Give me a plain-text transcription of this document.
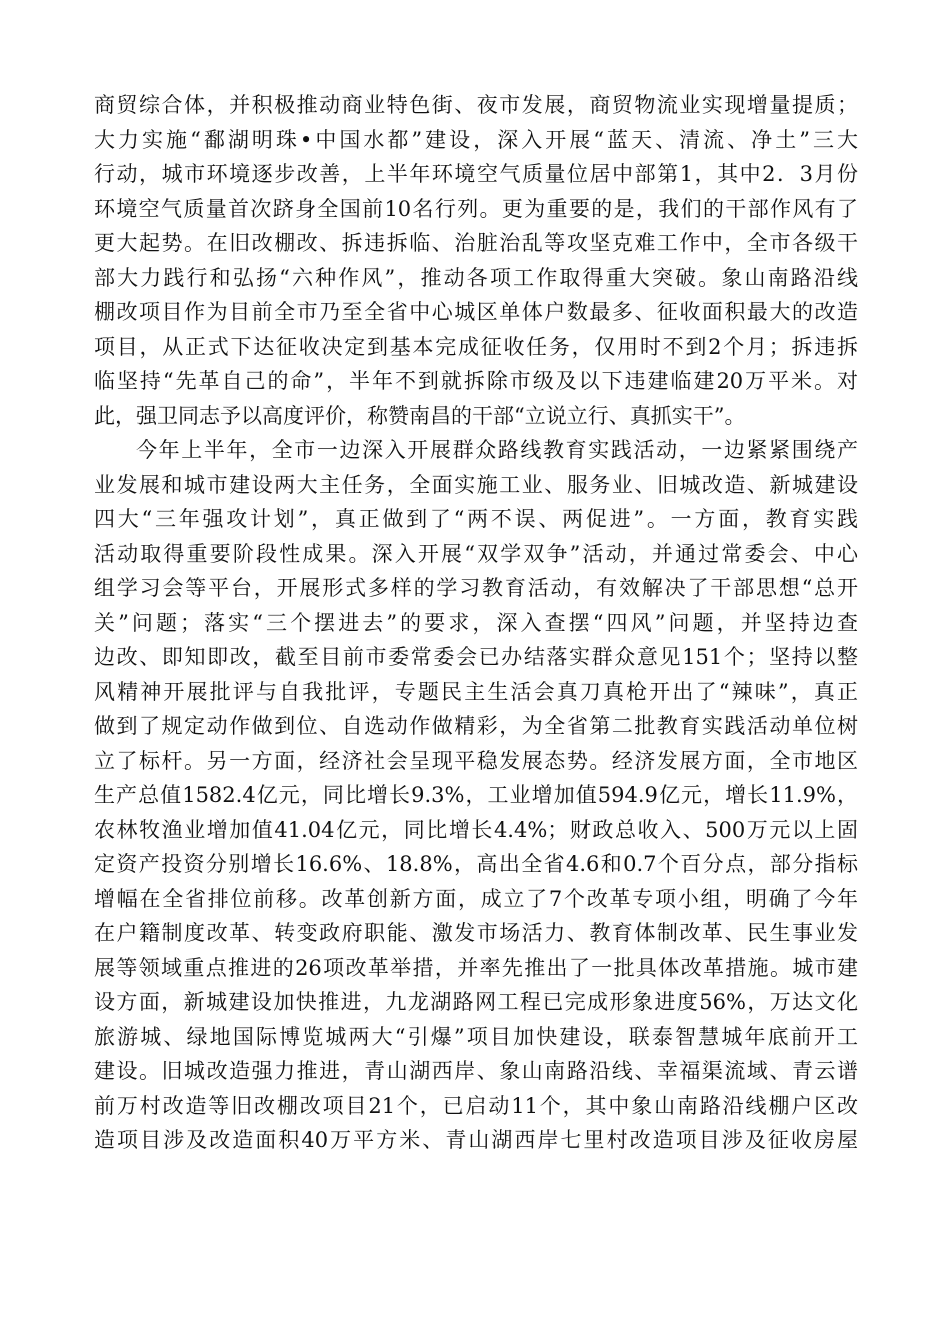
商贸综合体，并积极推动商业特色街、夜市发展，商贸物流业实现增量提质；
大力实施“鄱湖明珠•中国水都”建设，深入开展“蓝天、清流、净土”三大
行动，城市环境逐步改善，上半年环境空气质量位居中部第1，其中2．3月份
环境空气质量首次跻身全国前10名行列。更为重要的是，我们的干部作风有了
更大起势。在旧改棚改、拆违拆临、治脏治乱等攻坚克难工作中，全市各级干
部大力践行和弘扬“六种作风”，推动各项工作取得重大突破。象山南路沿线
棚改项目作为目前全市乃至全省中心城区单体户数最多、征收面积最大的改造
项目，从正式下达征收决定到基本完成征收任务，仅用时不到2个月；拆违拆
临坚持“先革自己的命”，半年不到就拆除市级及以下违建临建20万平米。对
此，强卫同志予以高度评价，称赞南昌的干部“立说立行、真抓实干”。
今年上半年，全市一边深入开展群众路线教育实践活动，一边紧紧围绕产
业发展和城市建设两大主任务，全面实施工业、服务业、旧城改造、新城建设
四大“三年强攻计划”，真正做到了“两不误、两促进”。一方面，教育实践
活动取得重要阶段性成果。深入开展“双学双争”活动，并通过常委会、中心
组学习会等平台，开展形式多样的学习教育活动，有效解决了干部思想“总开
关”问题；落实“三个摆进去”的要求，深入查摆“四风”问题，并坚持边查
边改、即知即改，截至目前市委常委会已办结落实群众意见151个；坚持以整
风精神开展批评与自我批评，专题民主生活会真刀真枪开出了“辣味”，真正
做到了规定动作做到位、自选动作做精彩，为全省第二批教育实践活动单位树
立了标杆。另一方面，经济社会呈现平稳发展态势。经济发展方面，全市地区
生产总值1582.4亿元，同比增长9.3%，工业增加值594.9亿元，增长11.9%，
农林牧渔业增加值41.04亿元，同比增长4.4%；财政总收入、500万元以上固
定资产投资分别增长16.6%、18.8%，高出全省4.6和0.7个百分点，部分指标
增幅在全省排位前移。改革创新方面，成立了7个改革专项小组，明确了今年
在户籍制度改革、转变政府职能、激发市场活力、教育体制改革、民生事业发
展等领域重点推进的26项改革举措，并率先推出了一批具体改革措施。城市建
设方面，新城建设加快推进，九龙湖路网工程已完成形象进度56%，万达文化
旅游城、绿地国际博览城两大“引爆”项目加快建设，联泰智慧城年底前开工
建设。旧城改造强力推进，青山湖西岸、象山南路沿线、幸福渠流域、青云谱
前万村改造等旧改棚改项目21个，已启动11个，其中象山南路沿线棚户区改
造项目涉及改造面积40万平方米、青山湖西岸七里村改造项目涉及征收房屋
